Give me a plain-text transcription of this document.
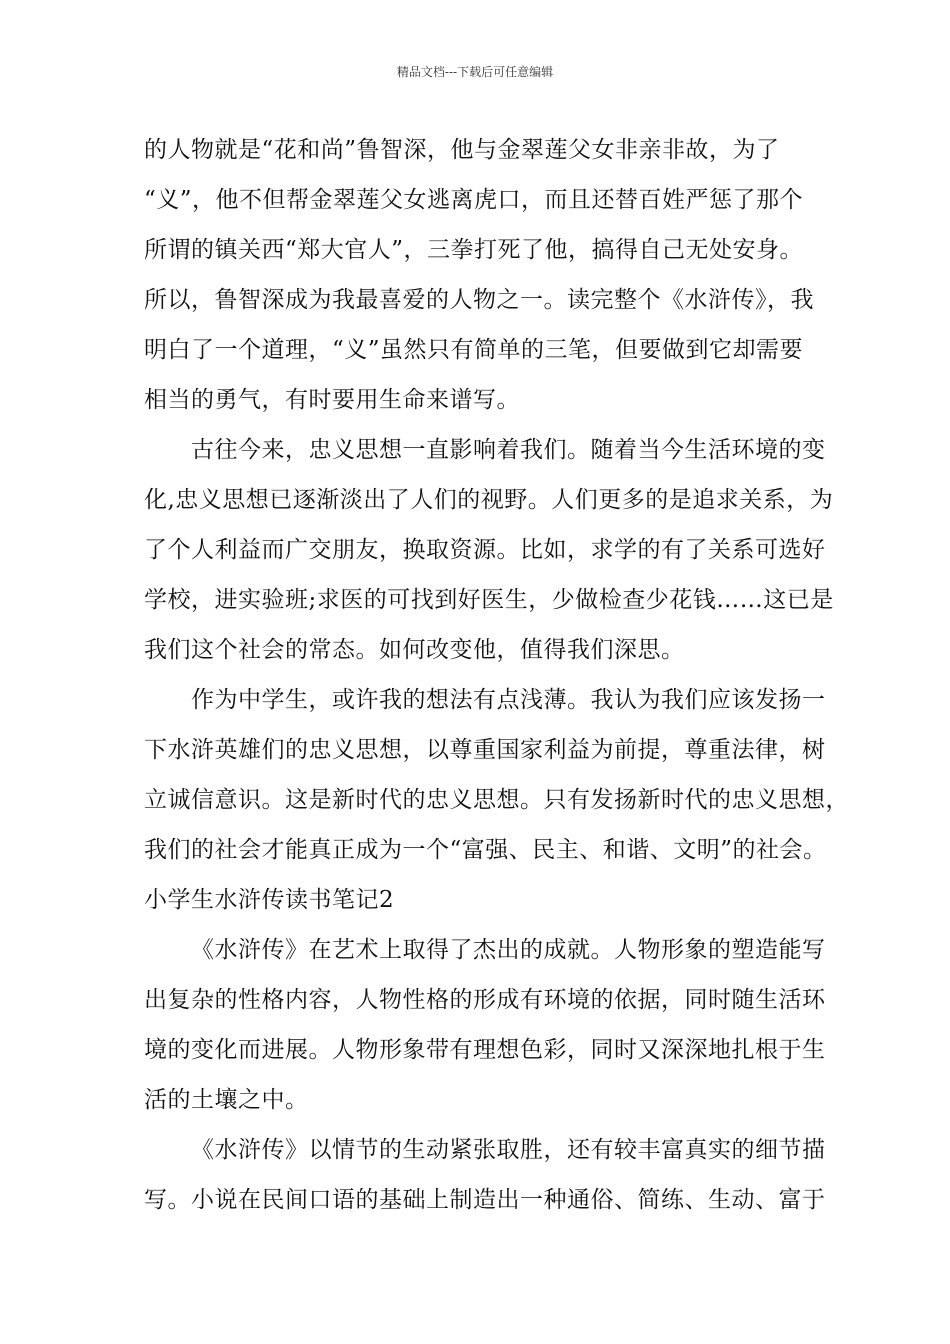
精品文档---下载后可任意编辑
的人物就是“花和尚”鲁智深，他与金翠莲父女非亲非故，为了
“义”，他不但帮金翠莲父女逃离虎口，而且还替百姓严惩了那个
所谓的镇关西“郑大官人”，三拳打死了他，搞得自己无处安身。
所以，鲁智深成为我最喜爱的人物之一。读完整个《水浒传》，我
明白了一个道理，“义”虽然只有简单的三笔，但要做到它却需要
相当的勇气，有时要用生命来谱写。
古往今来，忠义思想一直影响着我们。随着当今生活环境的变
化,忠义思想已逐渐淡出了人们的视野。人们更多的是追求关系，为
了个人利益而广交朋友，换取资源。比如，求学的有了关系可选好
学校，进实验班;求医的可找到好医生，少做检查少花钱……这已是
我们这个社会的常态。如何改变他，值得我们深思。
作为中学生，或许我的想法有点浅薄。我认为我们应该发扬一
下水浒英雄们的忠义思想，以尊重国家利益为前提，尊重法律，树
立诚信意识。这是新时代的忠义思想。只有发扬新时代的忠义思想，
我们的社会才能真正成为一个“富强、民主、和谐、文明”的社会。
小学生水浒传读书笔记2
《水浒传》在艺术上取得了杰出的成就。人物形象的塑造能写
出复杂的性格内容，人物性格的形成有环境的依据，同时随生活环
境的变化而进展。人物形象带有理想色彩，同时又深深地扎根于生
活的土壤之中。
《水浒传》以情节的生动紧张取胜，还有较丰富真实的细节描
写。小说在民间口语的基础上制造出一种通俗、简练、生动、富于
